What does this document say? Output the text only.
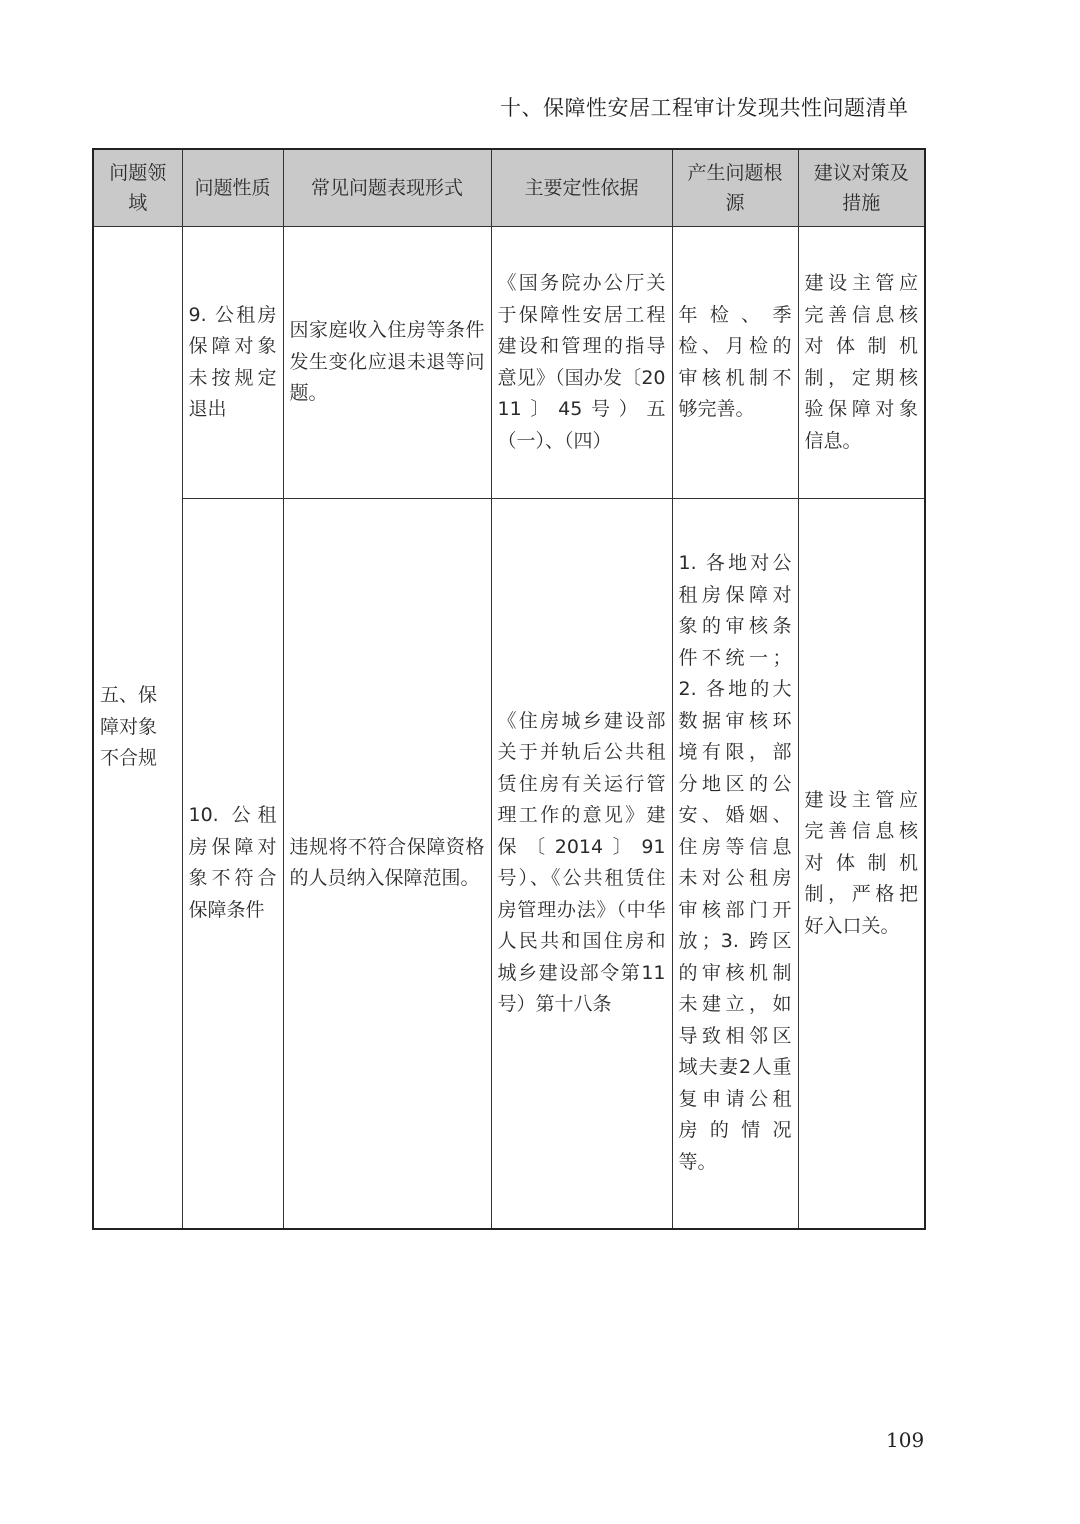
十、保障性安居工程审计发现共性问题清单
问题领域	问题性质	常见问题表现形式	主要定性依据	产生问题根源	建议对策及措施
五、保障对象不合规	9. 公租房保障对象未按规定退出	因家庭收入住房等条件发生变化应退未退等问题。	《国务院办公厅关于保障性安居工程建设和管理的指导意见》（国办发〔2011〕45号）五（一）、（四）	年检、季检、月检的审核机制不够完善。	建设主管应完善信息核对体制机制，定期核验保障对象信息。
	10. 公租房保障对象不符合保障条件	违规将不符合保障资格的人员纳入保障范围。	《住房城乡建设部关于并轨后公共租赁住房有关运行管理工作的意见》建保〔2014〕91号）、《公共租赁住房管理办法》（中华人民共和国住房和城乡建设部令第11号）第十八条	1. 各地对公租房保障对象的审核条件不统一；2. 各地的大数据审核环境有限，部分地区的公安、婚姻、住房等信息未对公租房审核部门开放；3. 跨区的审核机制未建立，如导致相邻区域夫妻2人重复申请公租房的情况等。	建设主管应完善信息核对体制机制，严格把好入口关。
109
